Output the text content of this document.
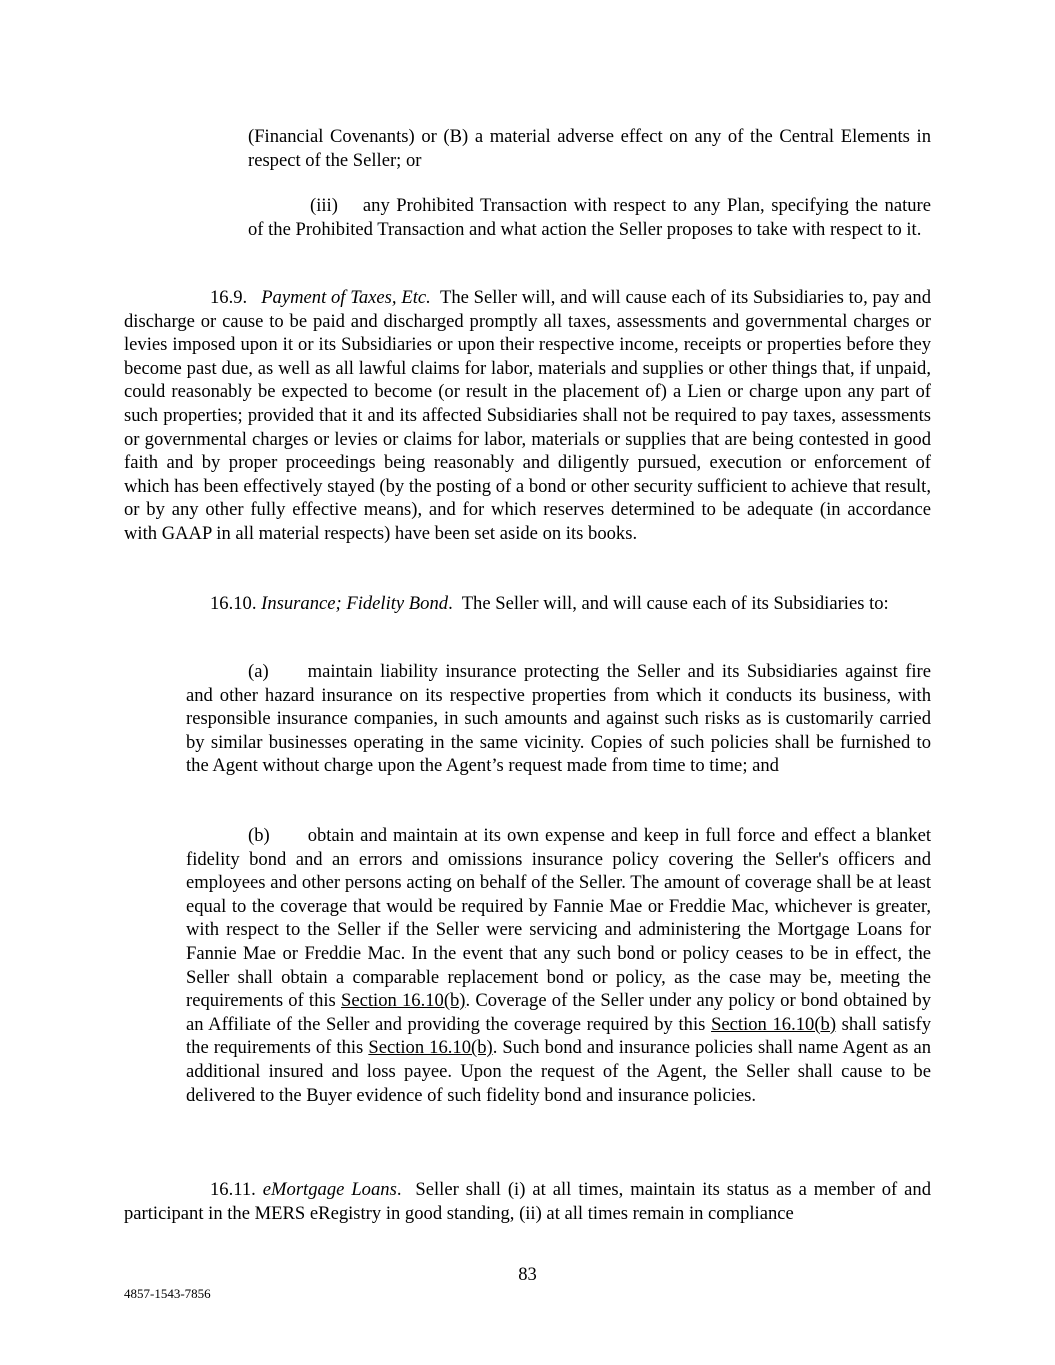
(Financial Covenants) or (B) a material adverse effect on any of the Central Elements in respect of the Seller; or

(iii) any Prohibited Transaction with respect to any Plan, specifying the nature of the Prohibited Transaction and what action the Seller proposes to take with respect to it.

16.9. Payment of Taxes, Etc. The Seller will, and will cause each of its Subsidiaries to, pay and discharge or cause to be paid and discharged promptly all taxes, assessments and governmental charges or levies imposed upon it or its Subsidiaries or upon their respective income, receipts or properties before they become past due, as well as all lawful claims for labor, materials and supplies or other things that, if unpaid, could reasonably be expected to become (or result in the placement of) a Lien or charge upon any part of such properties; provided that it and its affected Subsidiaries shall not be required to pay taxes, assessments or governmental charges or levies or claims for labor, materials or supplies that are being contested in good faith and by proper proceedings being reasonably and diligently pursued, execution or enforcement of which has been effectively stayed (by the posting of a bond or other security sufficient to achieve that result, or by any other fully effective means), and for which reserves determined to be adequate (in accordance with GAAP in all material respects) have been set aside on its books.

16.10. Insurance; Fidelity Bond. The Seller will, and will cause each of its Subsidiaries to:

(a) maintain liability insurance protecting the Seller and its Subsidiaries against fire and other hazard insurance on its respective properties from which it conducts its business, with responsible insurance companies, in such amounts and against such risks as is customarily carried by similar businesses operating in the same vicinity. Copies of such policies shall be furnished to the Agent without charge upon the Agent’s request made from time to time; and

(b) obtain and maintain at its own expense and keep in full force and effect a blanket fidelity bond and an errors and omissions insurance policy covering the Seller's officers and employees and other persons acting on behalf of the Seller. The amount of coverage shall be at least equal to the coverage that would be required by Fannie Mae or Freddie Mac, whichever is greater, with respect to the Seller if the Seller were servicing and administering the Mortgage Loans for Fannie Mae or Freddie Mac. In the event that any such bond or policy ceases to be in effect, the Seller shall obtain a comparable replacement bond or policy, as the case may be, meeting the requirements of this Section 16.10(b). Coverage of the Seller under any policy or bond obtained by an Affiliate of the Seller and providing the coverage required by this Section 16.10(b) shall satisfy the requirements of this Section 16.10(b). Such bond and insurance policies shall name Agent as an additional insured and loss payee. Upon the request of the Agent, the Seller shall cause to be delivered to the Buyer evidence of such fidelity bond and insurance policies.

16.11. eMortgage Loans. Seller shall (i) at all times, maintain its status as a member of and participant in the MERS eRegistry in good standing, (ii) at all times remain in compliance

83
4857-1543-7856
